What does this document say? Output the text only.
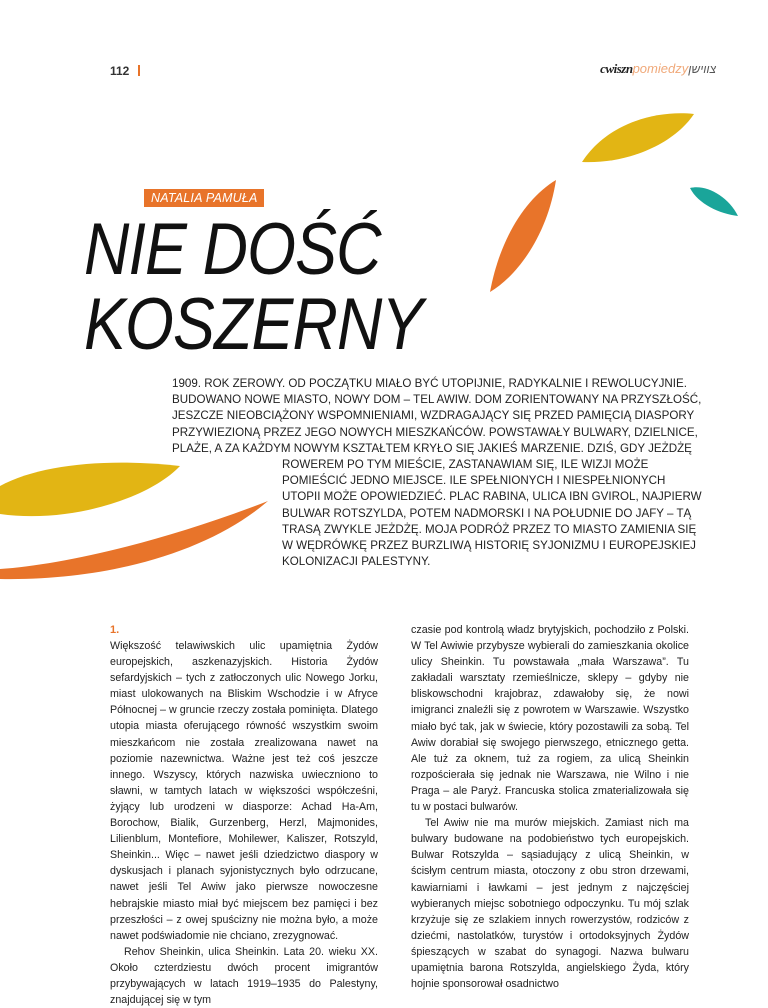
112	cwisznpomiedzyצווישן
NATALIA PAMUŁA
NIE DOŚĆ
KOSZERNY
1909. ROK ZEROWY. OD POCZĄTKU MIAŁO BYĆ UTOPIJNIE, RADYKALNIE I REWOLUCYJNIE.
BUDOWANO NOWE MIASTO, NOWY DOM – TEL AWIW. DOM ZORIENTOWANY NA PRZYSZŁOŚĆ,
JESZCZE NIEOBCIĄŻONY WSPOMNIENIAMI, WZDRAGAJĄCY SIĘ PRZED PAMIĘCIĄ DIASPORY
PRZYWIEZIONĄ PRZEZ JEGO NOWYCH MIESZKAŃCÓW. POWSTAWAŁY BULWARY, DZIELNICE,
PLAŻE, A ZA KAŻDYM NOWYM KSZTAŁTEM KRYŁO SIĘ JAKIEŚ MARZENIE. DZIŚ, GDY JEŻDŻĘ
ROWEREM PO TYM MIEŚCIE, ZASTANAWIAM SIĘ, ILE WIZJI MOŻE
POMIEŚCIĆ JEDNO MIEJSCE. ILE SPEŁNIONYCH I NIESPEŁNIONYCH
UTOPII MOŻE OPOWIEDZIEĆ. PLAC RABINA, ULICA IBN GVIROL, NAJPIERW
BULWAR ROTSZYLDA, POTEM NADMORSKI I NA POŁUDNIE DO JAFY – TĄ
TRASĄ ZWYKLE JEŻDŻĘ. MOJA PODRÓŻ PRZEZ TO MIASTO ZAMIENIA SIĘ
W WĘDRÓWKĘ PRZEZ BURZLIWĄ HISTORIĘ SYJONIZMU I EUROPEJSKIEJ
KOLONIZACJI PALESTYNY.
1.

Większość telawiwskich ulic upamiętnia Żydów europejskich, aszkenazyjskich. Historia Żydów sefardyjskich – tych z zatłoczonych ulic Nowego Jorku, miast ulokowanych na Bliskim Wschodzie i w Afryce Północnej – w gruncie rzeczy została pominięta. Dlatego utopia miasta oferującego równość wszystkim swoim mieszkańcom nie została zrealizowana nawet na poziomie nazewnictwa. Ważne jest też coś jeszcze innego. Wszyscy, których nazwiska uwieczniono to sławni, w tamtych latach w większości współcześni, żyjący lub urodzeni w diasporze: Achad Ha-Am, Borochow, Bialik, Gurzenberg, Herzl, Majmonides, Lilienblum, Montefiore, Mohilewer, Kaliszer, Rotszyld, Sheinkin... Więc – nawet jeśli dziedzictwo diaspory w dyskusjach i planach syjonistycznych było odrzucane, nawet jeśli Tel Awiw jako pierwsze nowoczesne hebrajskie miasto miał być miejscem bez pamięci i bez przeszłości – z owej spuścizny nie można było, a może nawet podświadomie nie chciano, zrezygnować.

Rehov Sheinkin, ulica Sheinkin. Lata 20. wieku XX. Około czterdziestu dwóch procent imigrantów przybywających w latach 1919–1935 do Palestyny, znajdującej się w tym

czasie pod kontrolą władz brytyjskich, pochodziło z Polski. W Tel Awiwie przybysze wybierali do zamieszkania okolice ulicy Sheinkin. Tu powstawała „mała Warszawa”. Tu zakładali warsztaty rzemieślnicze, sklepy – gdyby nie bliskowschodni krajobraz, zdawałoby się, że nowi imigranci znaleźli się z powrotem w Warszawie. Wszystko miało być tak, jak w świecie, który pozostawili za sobą. Tel Awiw dorabiał się swojego pierwszego, etnicznego getta. Ale tuż za oknem, tuż za rogiem, za ulicą Sheinkin rozpościerała się jednak nie Warszawa, nie Wilno i nie Praga – ale Paryż. Francuska stolica zmaterializowała się tu w postaci bulwarów.

Tel Awiw nie ma murów miejskich. Zamiast nich ma bulwary budowane na podobieństwo tych europejskich. Bulwar Rotszylda – sąsiadujący z ulicą Sheinkin, w ścisłym centrum miasta, otoczony z obu stron drzewami, kawiarniami i ławkami – jest jednym z najczęściej wybieranych miejsc sobotniego odpoczynku. Tu mój szlak krzyżuje się ze szlakiem innych rowerzystów, rodziców z dziećmi, nastolatków, turystów i ortodoksyjnych Żydów śpieszących w szabat do synagogi. Nazwa bulwaru upamiętnia barona Rotszylda, angielskiego Żyda, który hojnie sponsorował osadnictwo
